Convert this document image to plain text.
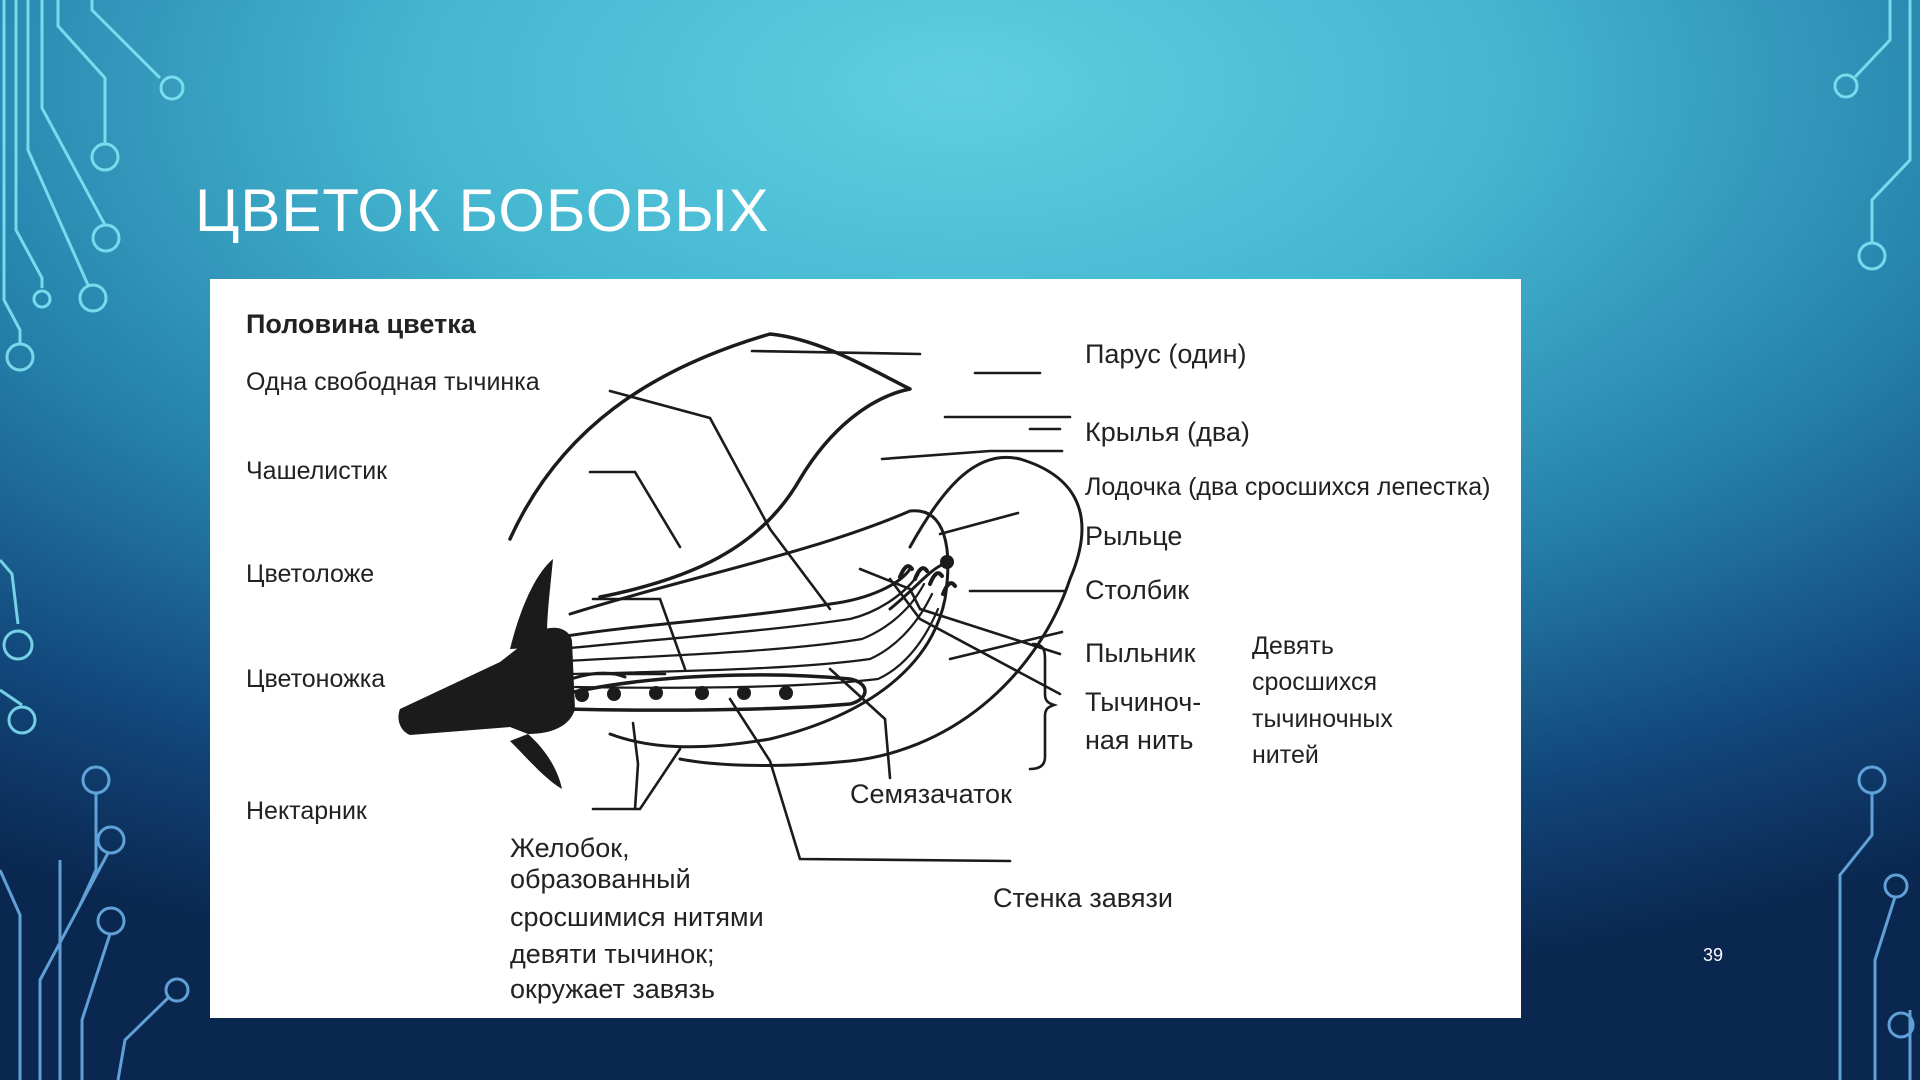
ЦВЕТОК БОБОВЫХ
Половина цветка
Одна свободная тычинка
Чашелистик
Цветоложе
Цветоножка
Нектарник
Желобок,
образованный
сросшимися нитями
девяти тычинок;
окружает завязь
Парус (один)
Крылья (два)
Лодочка (два сросшихся лепестка)
Рыльце
Столбик
Пыльник
Тычиноч-
ная нить
Девять
сросшихся
тычиночных
нитей
Семязачаток
Стенка завязи
39
